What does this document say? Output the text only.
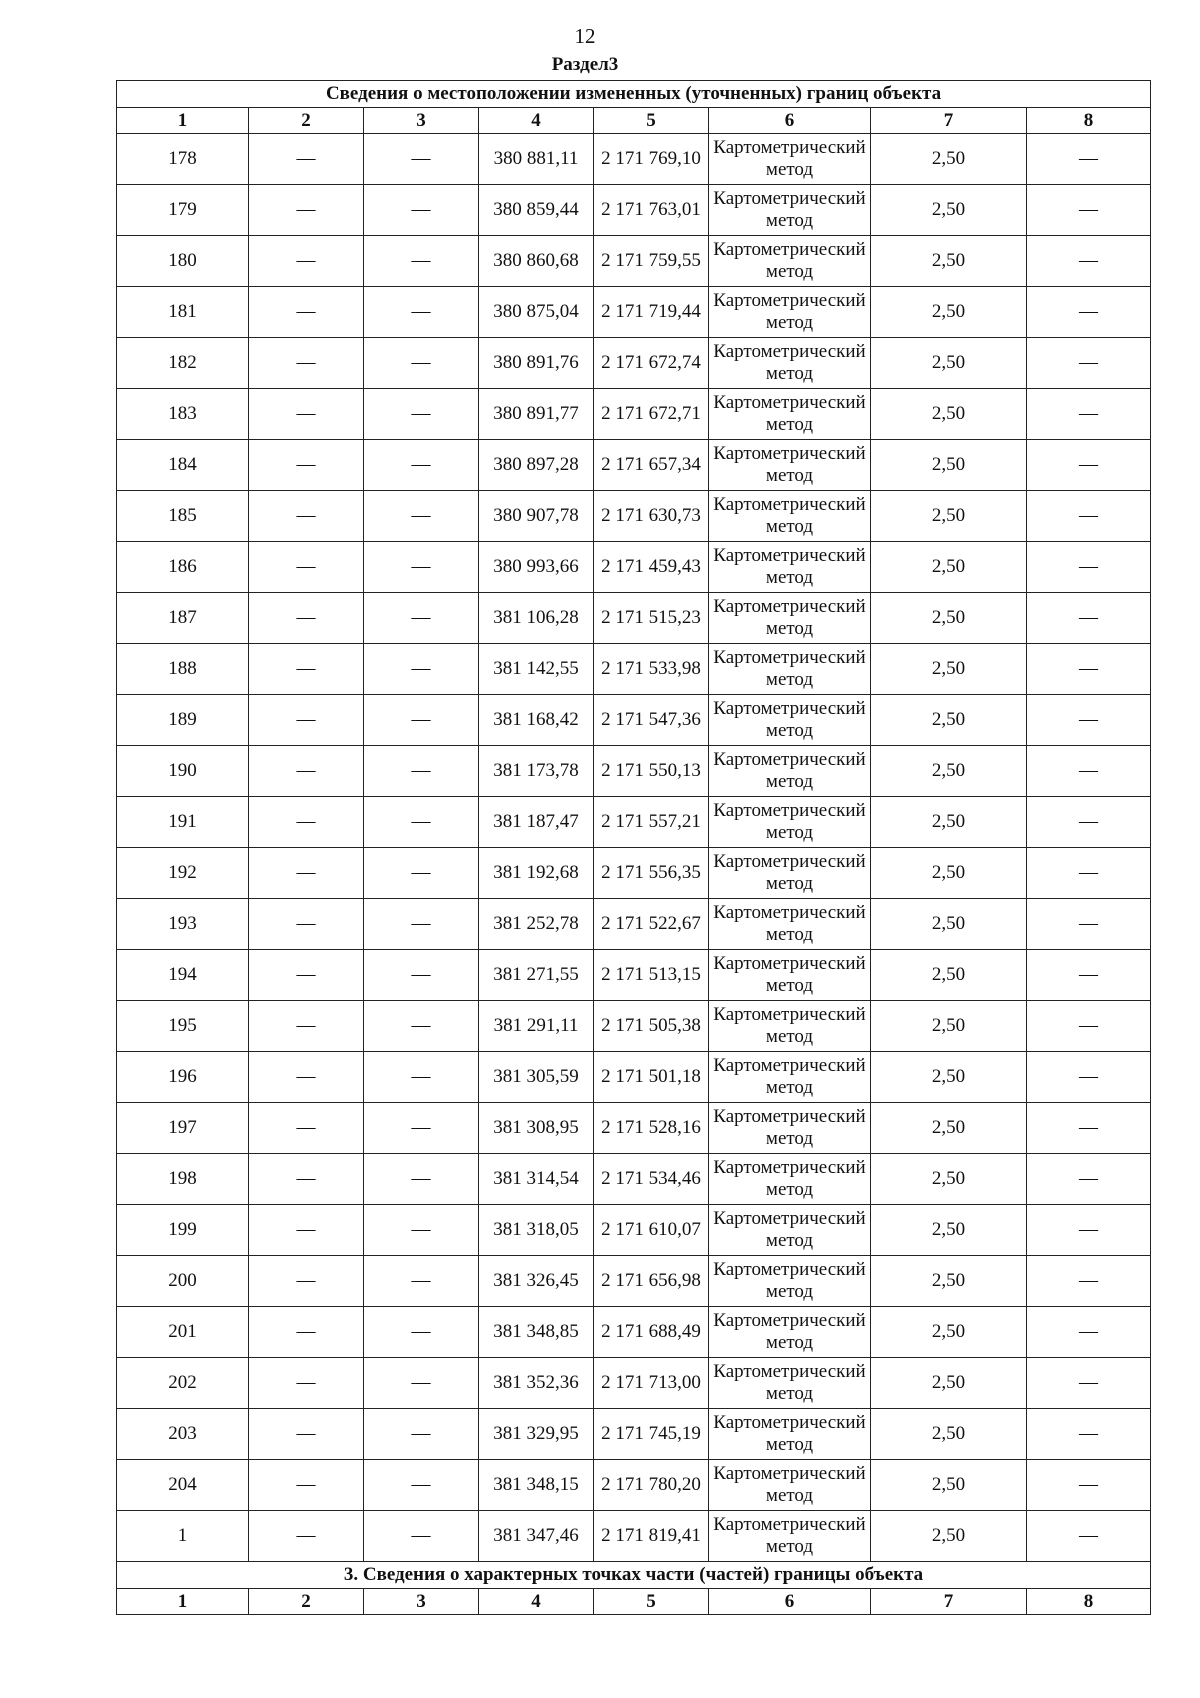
12
Раздел3
Сведения о местоположении измененных (уточненных) границ объекта							
1	2	3	4	5	6	7	8
178	—	—	380 881,11	2 171 769,10	Картометрический метод	2,50	—
179	—	—	380 859,44	2 171 763,01	Картометрический метод	2,50	—
180	—	—	380 860,68	2 171 759,55	Картометрический метод	2,50	—
181	—	—	380 875,04	2 171 719,44	Картометрический метод	2,50	—
182	—	—	380 891,76	2 171 672,74	Картометрический метод	2,50	—
183	—	—	380 891,77	2 171 672,71	Картометрический метод	2,50	—
184	—	—	380 897,28	2 171 657,34	Картометрический метод	2,50	—
185	—	—	380 907,78	2 171 630,73	Картометрический метод	2,50	—
186	—	—	380 993,66	2 171 459,43	Картометрический метод	2,50	—
187	—	—	381 106,28	2 171 515,23	Картометрический метод	2,50	—
188	—	—	381 142,55	2 171 533,98	Картометрический метод	2,50	—
189	—	—	381 168,42	2 171 547,36	Картометрический метод	2,50	—
190	—	—	381 173,78	2 171 550,13	Картометрический метод	2,50	—
191	—	—	381 187,47	2 171 557,21	Картометрический метод	2,50	—
192	—	—	381 192,68	2 171 556,35	Картометрический метод	2,50	—
193	—	—	381 252,78	2 171 522,67	Картометрический метод	2,50	—
194	—	—	381 271,55	2 171 513,15	Картометрический метод	2,50	—
195	—	—	381 291,11	2 171 505,38	Картометрический метод	2,50	—
196	—	—	381 305,59	2 171 501,18	Картометрический метод	2,50	—
197	—	—	381 308,95	2 171 528,16	Картометрический метод	2,50	—
198	—	—	381 314,54	2 171 534,46	Картометрический метод	2,50	—
199	—	—	381 318,05	2 171 610,07	Картометрический метод	2,50	—
200	—	—	381 326,45	2 171 656,98	Картометрический метод	2,50	—
201	—	—	381 348,85	2 171 688,49	Картометрический метод	2,50	—
202	—	—	381 352,36	2 171 713,00	Картометрический метод	2,50	—
203	—	—	381 329,95	2 171 745,19	Картометрический метод	2,50	—
204	—	—	381 348,15	2 171 780,20	Картометрический метод	2,50	—
1	—	—	381 347,46	2 171 819,41	Картометрический метод	2,50	—
3. Сведения о характерных точках части (частей) границы объекта							
1	2	3	4	5	6	7	8
